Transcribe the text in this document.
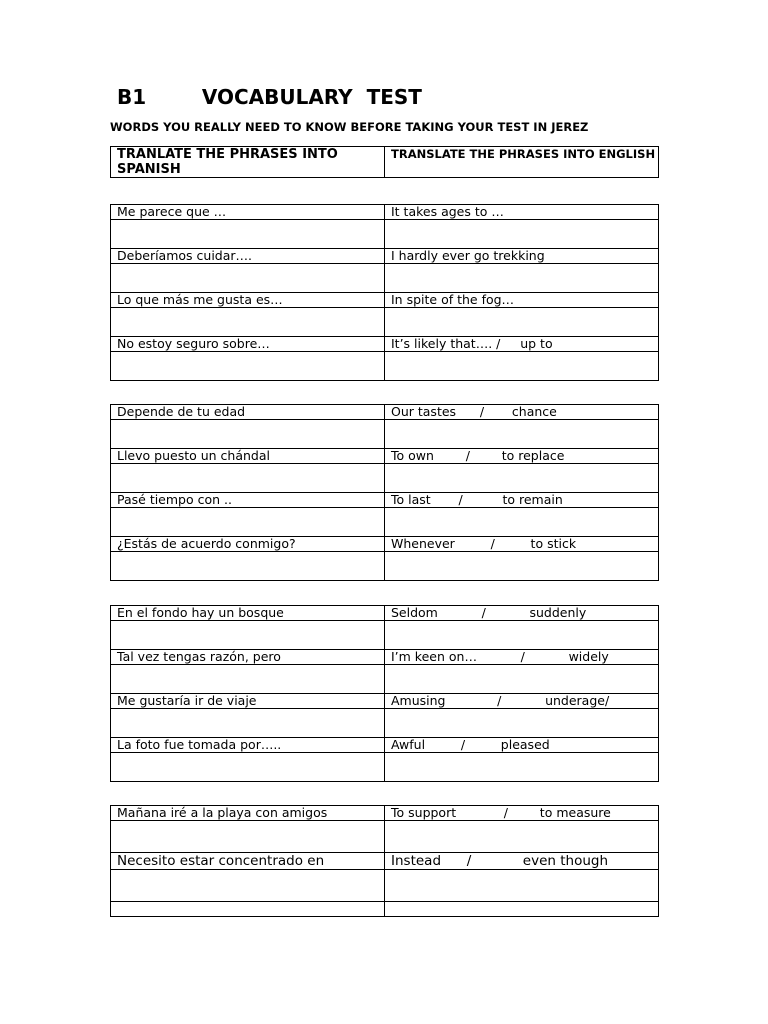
B1        VOCABULARY  TEST

WORDS YOU REALLY NEED TO KNOW BEFORE TAKING YOUR TEST IN JEREZ

TRANLATE THE PHRASES INTO SPANISH	TRANSLATE THE PHRASES INTO ENGLISH
Me parece que …	It takes ages to …

Deberíamos cuidar….	I hardly ever go trekking

Lo que más me gusta es…	In spite of the fog…

No estoy seguro sobre…	It’s likely that…. /     up to

Depende de tu edad	Our tastes      /       chance

Llevo puesto un chándal	To own        /        to replace

Pasé tiempo con ..	To last       /          to remain

¿Estás de acuerdo conmigo?	Whenever         /         to stick

En el fondo hay un bosque	Seldom           /           suddenly

Tal vez tengas razón, pero	I’m keen on…           /           widely

Me gustaría ir de viaje	Amusing             /           underage/

La foto fue tomada por…..	Awful         /         pleased

Mañana iré a la playa con amigos	To support            /        to measure

Necesito estar concentrado en	Instead      /            even though
